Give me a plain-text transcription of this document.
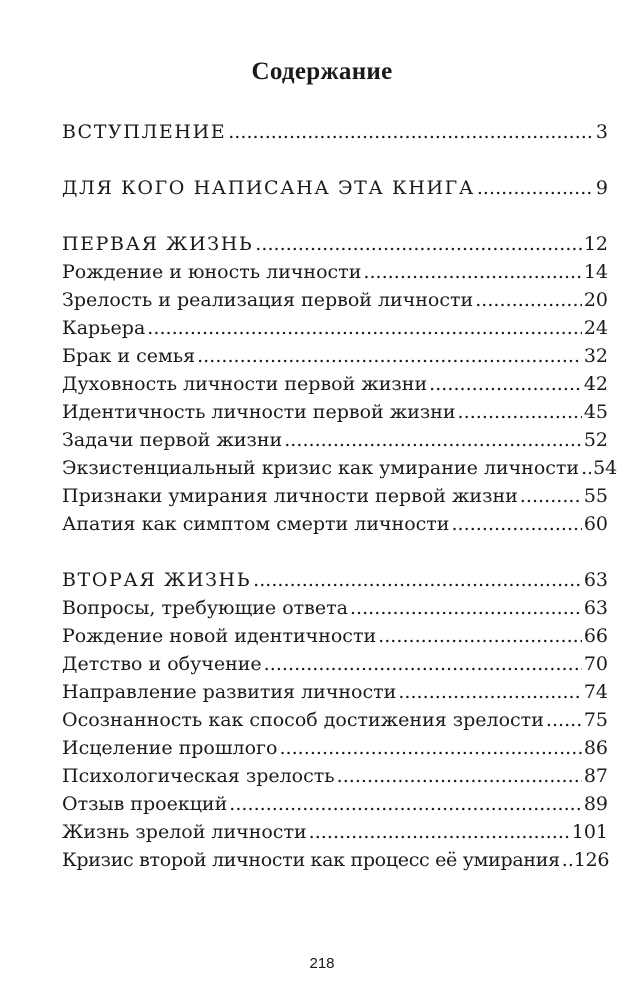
Содержание
ВСТУПЛЕНИЕ . . .	3
ДЛЯ КОГО НАПИСАНА ЭТА КНИГА . . .	9
ПЕРВАЯ ЖИЗНЬ . . .	12
Рождение и юность личности . . .	14
Зрелость и реализация первой личности . . .	20
Карьера . . .	24
Брак и семья . . .	32
Духовность личности первой жизни . . .	42
Идентичность личности первой жизни . . .	45
Задачи первой жизни . . .	52
Экзистенциальный кризис как умирание личности . . . 54
Признаки умирания личности первой жизни . . .	55
Апатия как симптом смерти личности . . .	60
ВТОРАЯ ЖИЗНЬ . . .	63
Вопросы, требующие ответа . . .	63
Рождение новой идентичности . . .	66
Детство и обучение . . .	70
Направление развития личности . . .	74
Осознанность как способ достижения зрелости . . . 75
Исцеление прошлого . . .	86
Психологическая зрелость . . .	87
Отзыв проекций . . .	89
Жизнь зрелой личности . . .	101
Кризис второй личности как процесс её умирания . . . 126
218
